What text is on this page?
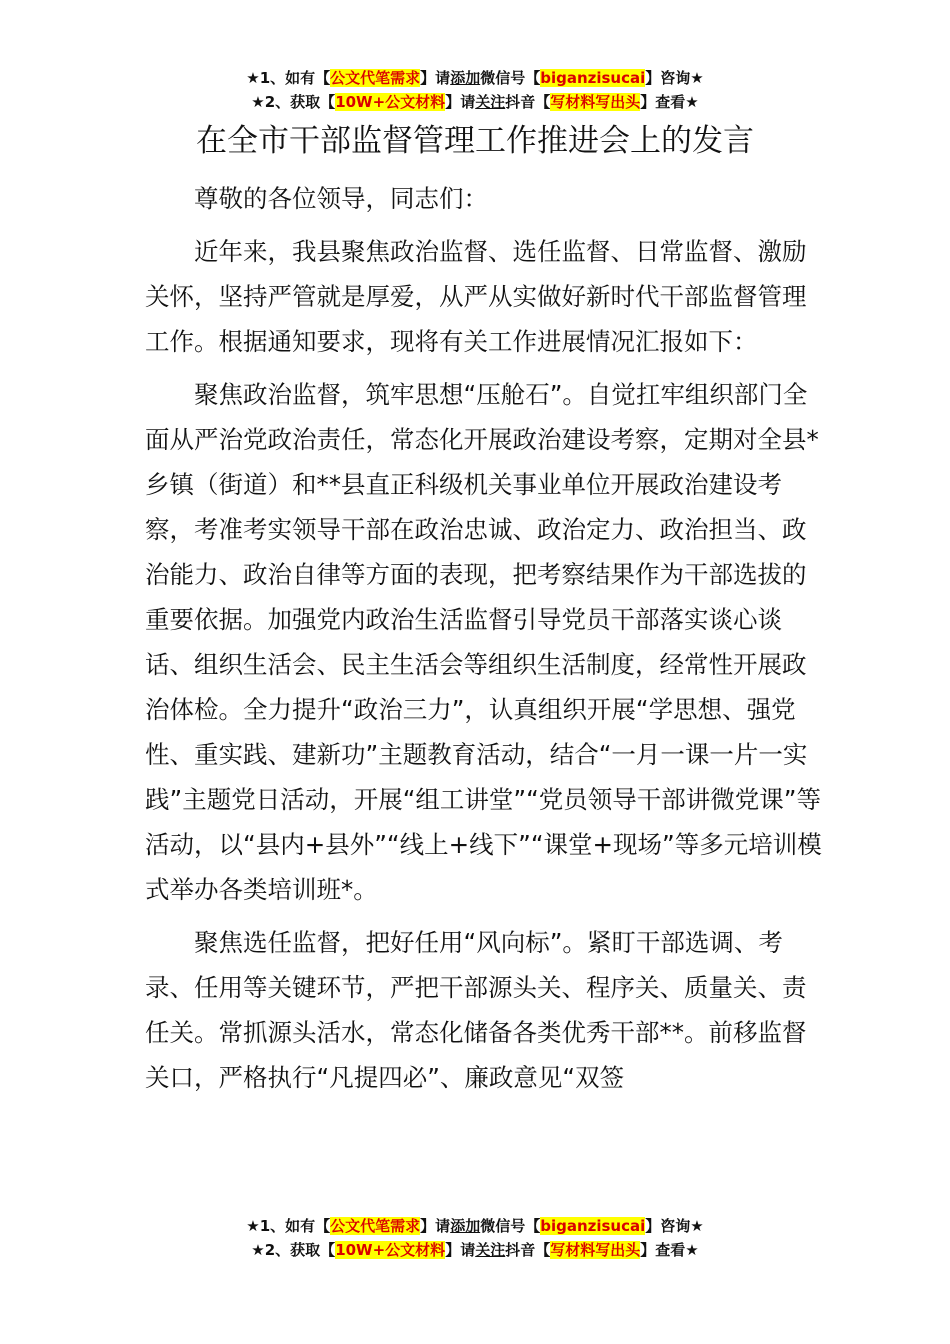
★1、如有【公文代笔需求】请添加微信号【biganzisucai】咨询★
★2、获取【10W+公文材料】请关注抖音【写材料写出头】查看★
在全市干部监督管理工作推进会上的发言

尊敬的各位领导，同志们：

近年来，我县聚焦政治监督、选任监督、日常监督、激励关怀，坚持严管就是厚爱，从严从实做好新时代干部监督管理工作。根据通知要求，现将有关工作进展情况汇报如下：

聚焦政治监督，筑牢思想“压舱石”。自觉扛牢组织部门全面从严治党政治责任，常态化开展政治建设考察，定期对全县*乡镇（街道）和**县直正科级机关事业单位开展政治建设考察，考准考实领导干部在政治忠诚、政治定力、政治担当、政治能力、政治自律等方面的表现，把考察结果作为干部选拔的重要依据。加强党内政治生活监督引导党员干部落实谈心谈话、组织生活会、民主生活会等组织生活制度，经常性开展政治体检。全力提升“政治三力”，认真组织开展“学思想、强党性、重实践、建新功”主题教育活动，结合“一月一课一片一实践”主题党日活动，开展“组工讲堂”“党员领导干部讲微党课”等活动，以“县内+县外”“线上+线下”“课堂+现场”等多元培训模式举办各类培训班*。

聚焦选任监督，把好任用“风向标”。紧盯干部选调、考录、任用等关键环节，严把干部源头关、程序关、质量关、责任关。常抓源头活水，常态化储备各类优秀干部**。前移监督关口，严格执行“凡提四必”、廉政意见“双签

★1、如有【公文代笔需求】请添加微信号【biganzisucai】咨询★
★2、获取【10W+公文材料】请关注抖音【写材料写出头】查看★
